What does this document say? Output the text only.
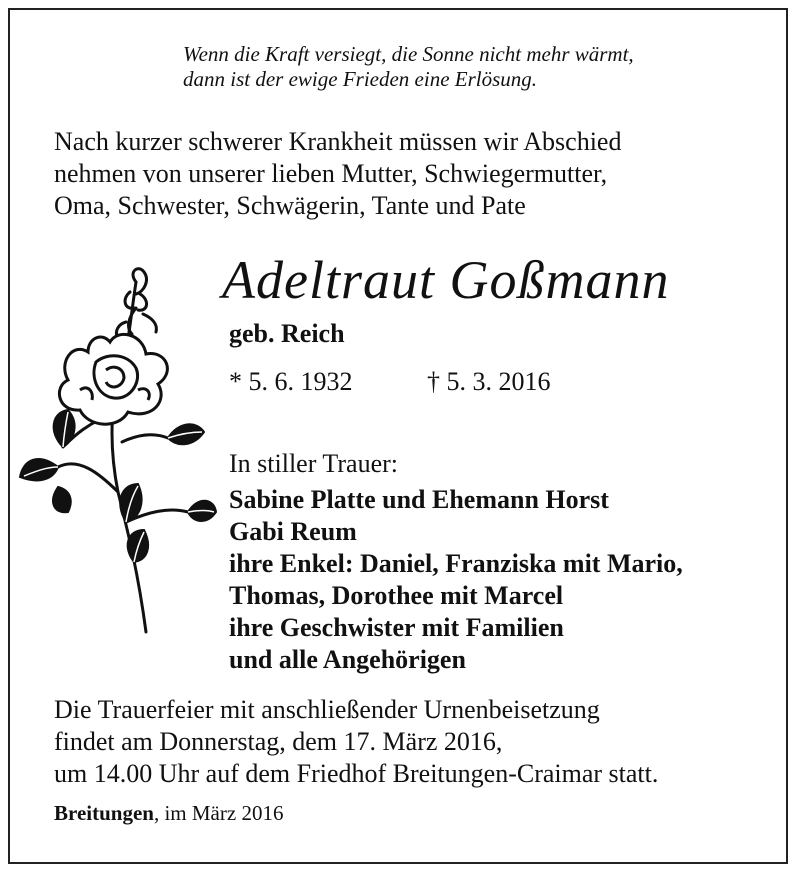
Wenn die Kraft versiegt, die Sonne nicht mehr wärmt,
dann ist der ewige Frieden eine Erlösung.
Nach kurzer schwerer Krankheit müssen wir Abschied
nehmen von unserer lieben Mutter, Schwiegermutter,
Oma, Schwester, Schwägerin, Tante und Pate
Adeltraut Goßmann
geb. Reich
* 5. 6. 1932	† 5. 3. 2016
In stiller Trauer:
Sabine Platte und Ehemann Horst
Gabi Reum
ihre Enkel: Daniel, Franziska mit Mario,
Thomas, Dorothee mit Marcel
ihre Geschwister mit Familien
und alle Angehörigen
Die Trauerfeier mit anschließender Urnenbeisetzung
findet am Donnerstag, dem 17. März 2016,
um 14.00 Uhr auf dem Friedhof Breitungen-Craimar statt.
Breitungen, im März 2016
